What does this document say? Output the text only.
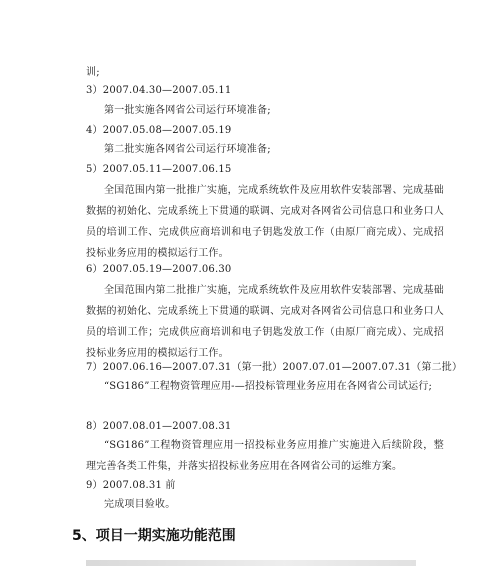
训;
3）2007.04.30—2007.05.11
第一批实施各网省公司运行环境准备;
4）2007.05.08—2007.05.19
第二批实施各网省公司运行环境准备;
5）2007.05.11—2007.06.15
全国范围内第一批推广实施，完成系统软件及应用软件安装部署、完成基础数据的初始化、完成系统上下贯通的联调、完成对各网省公司信息口和业务口人员的培训工作、完成供应商培训和电子钥匙发放工作（由原厂商完成）、完成招投标业务应用的模拟运行工作。
6）2007.05.19—2007.06.30
全国范围内第二批推广实施，完成系统软件及应用软件安装部署、完成基础数据的初始化、完成系统上下贯通的联调、完成对各网省公司信息口和业务口人员的培训工作；完成供应商培训和电子钥匙发放工作（由原厂商完成）、完成招投标业务应用的模拟运行工作。
7）2007.06.16—2007.07.31（第一批）2007.07.01—2007.07.31（第二批）
“SG186”工程物资管理应用-—招投标管理业务应用在各网省公司试运行;
8）2007.08.01—2007.08.31
“SG186”工程物资管理应用一招投标业务应用推广实施进入后续阶段，整理完善各类工件集，并落实招投标业务应用在各网省公司的运维方案。
9）2007.08.31 前
完成项目验收。
5、项目一期实施功能范围
